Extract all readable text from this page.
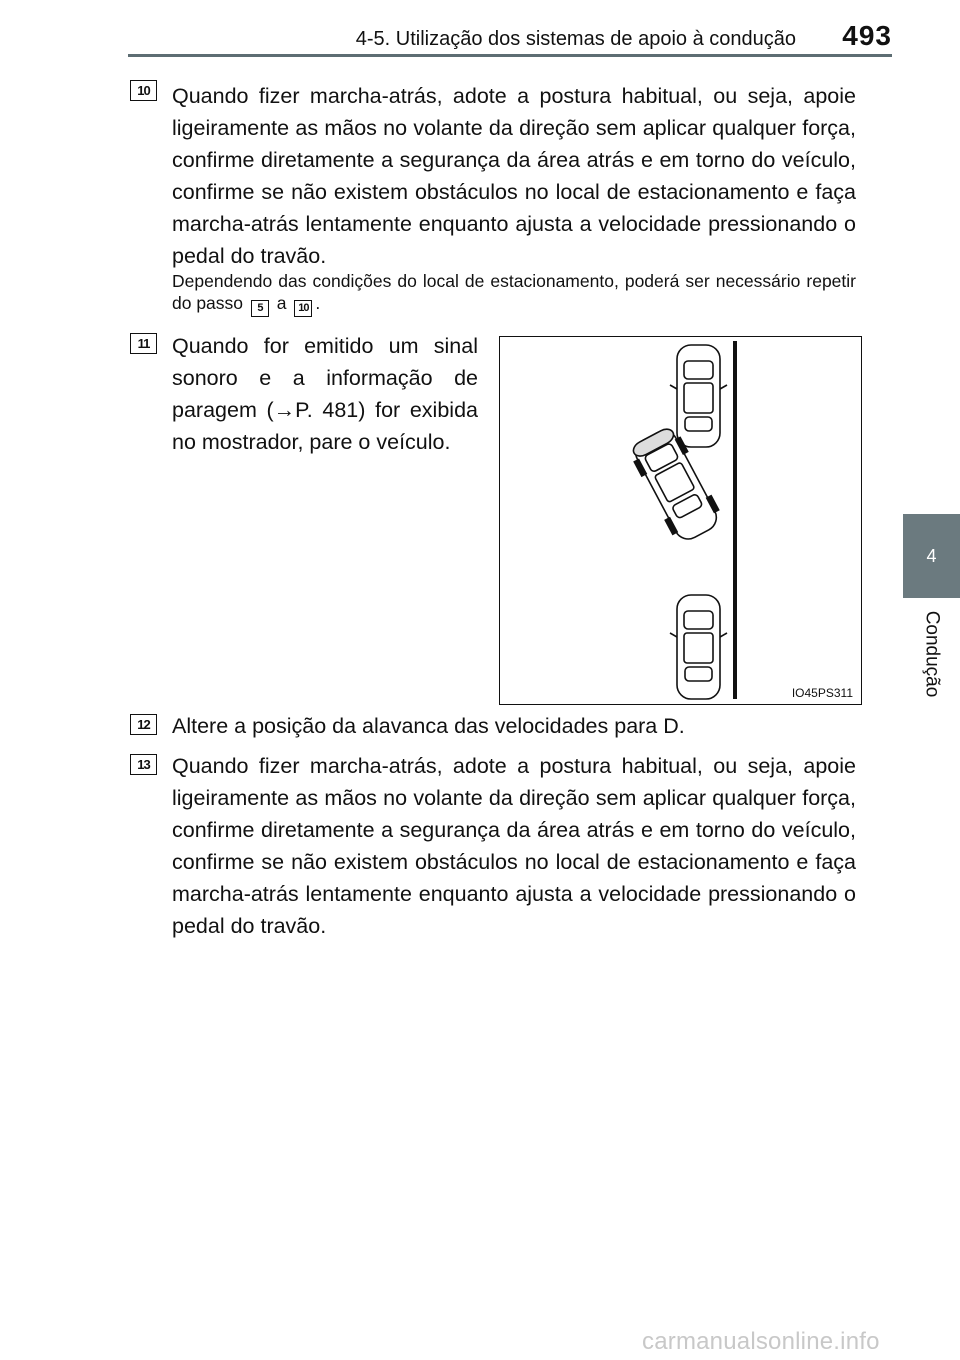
4-5. Utilização dos sistemas de apoio à condução	493
4
Condução
10	Quando fizer marcha-atrás, adote a postura habitual, ou seja, apoie ligeiramente as mãos no volante da direção sem aplicar qualquer força, confirme diretamente a segurança da área atrás e em torno do veículo, confirme se não existem obstáculos no local de estacionamento e faça marcha-atrás lentamente enquanto ajusta a velocidade pressionando o pedal do travão.
Dependendo das condições do local de estacionamento, poderá ser necessário repetir do passo 5 a 10 .
11	Quando for emitido um sinal sonoro e a informação de paragem (→P. 481) for exibida no mostrador, pare o veículo.
IO45PS311
12	Altere a posição da alavanca das velocidades para D.
13	Quando fizer marcha-atrás, adote a postura habitual, ou seja, apoie ligeiramente as mãos no volante da direção sem aplicar qualquer força, confirme diretamente a segurança da área atrás e em torno do veículo, confirme se não existem obstáculos no local de estacionamento e faça marcha-atrás lentamente enquanto ajusta a velocidade pressionando o pedal do travão.
carmanualsonline.info
